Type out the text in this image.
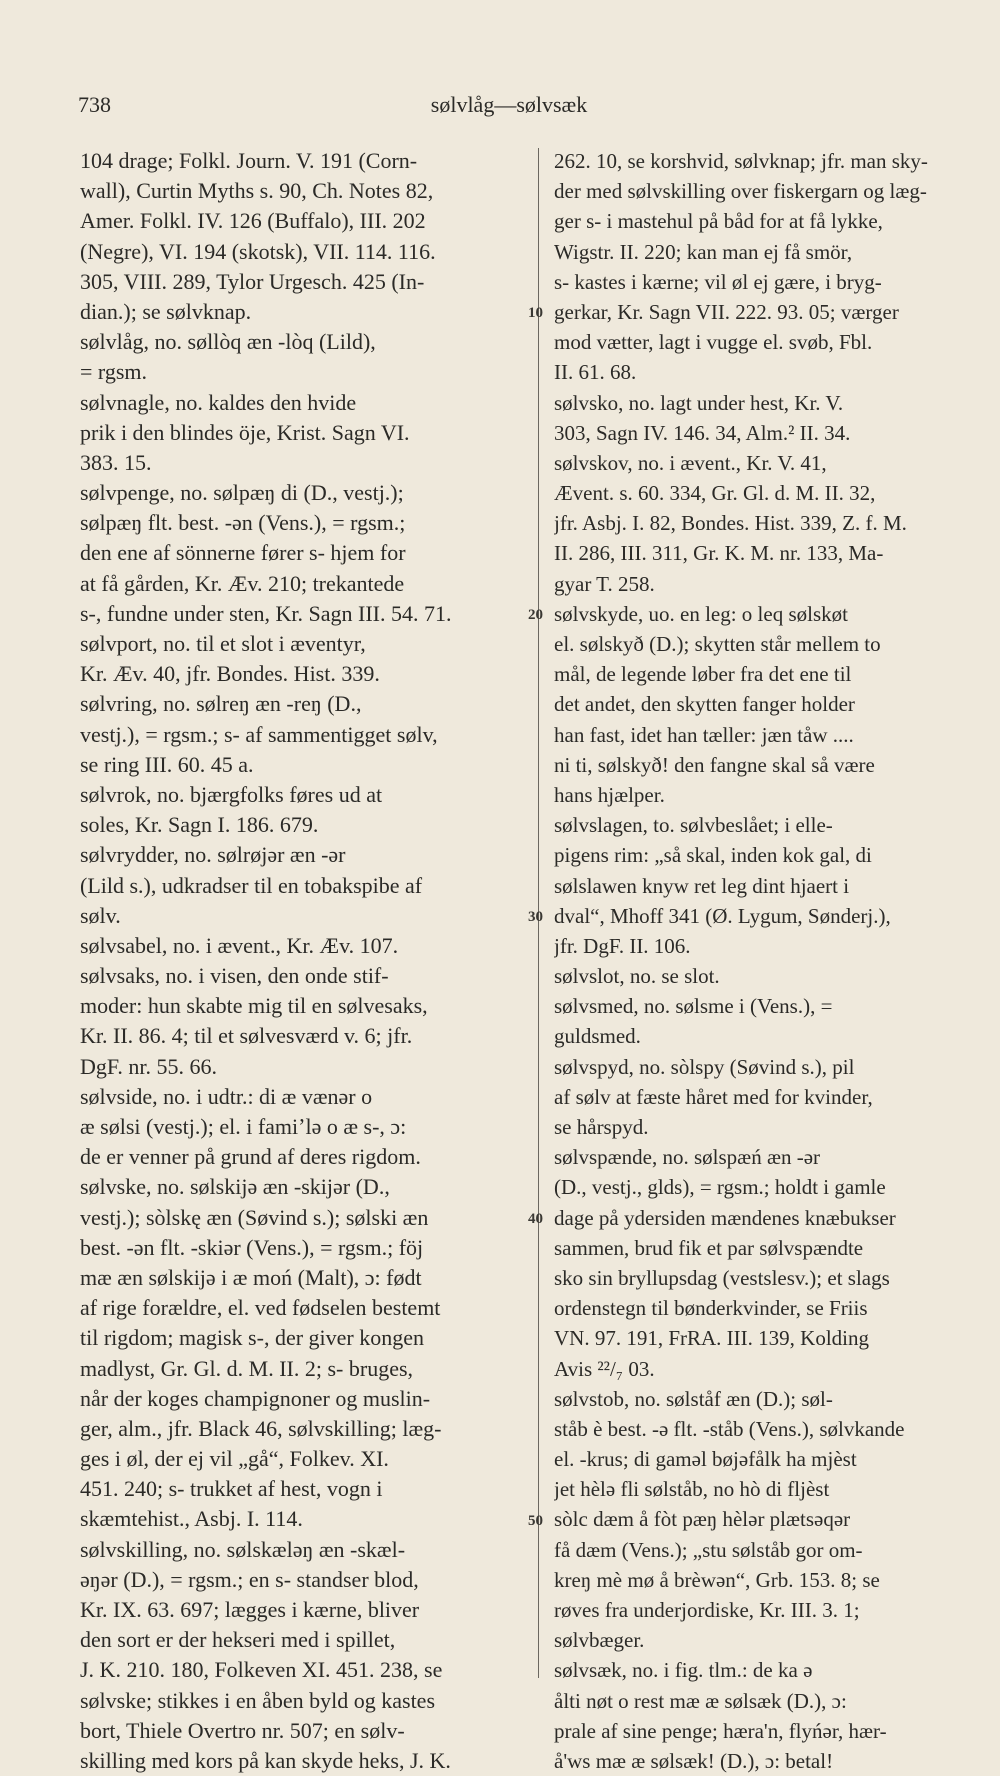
738	sølvlåg—sølvsæk
10
20
30
40
50
104 drage; Folkl. Journ. V. 191 (Corn-
wall), Curtin Myths s. 90, Ch. Notes 82,
Amer. Folkl. IV. 126 (Buffalo), III. 202
(Negre), VI. 194 (skotsk), VII. 114. 116.
305, VIII. 289, Tylor Urgesch. 425 (In-
dian.); se sølvknap.
sølvlåg, no. søllòq æn -lòq (Lild),
= rgsm.
sølvnagle, no. kaldes den hvide
prik i den blindes öje, Krist. Sagn VI.
383. 15.
sølvpenge, no. sølpæŋ di (D., vestj.);
sølpæŋ flt. best. -ən (Vens.), = rgsm.;
den ene af sönnerne fører s- hjem for
at få gården, Kr. Æv. 210; trekantede
s-, fundne under sten, Kr. Sagn III. 54. 71.
sølvport, no. til et slot i æventyr,
Kr. Æv. 40, jfr. Bondes. Hist. 339.
sølvring, no. sølreŋ æn -reŋ (D.,
vestj.), = rgsm.; s- af sammentigget sølv,
se ring III. 60. 45 a.
sølvrok, no. bjærgfolks føres ud at
soles, Kr. Sagn I. 186. 679.
sølvrydder, no. sølrøjər æn -ər
(Lild s.), udkradser til en tobakspibe af
sølv.
sølvsabel, no. i ævent., Kr. Æv. 107.
sølvsaks, no. i visen, den onde stif-
moder: hun skabte mig til en sølvesaks,
Kr. II. 86. 4; til et sølvesværd v. 6; jfr.
DgF. nr. 55. 66.
sølvside, no. i udtr.: di æ vænər o
æ sølsi (vestj.); el. i famiʼlə o æ s-, ɔ:
de er venner på grund af deres rigdom.
sølvske, no. sølskijə æn -skijər (D.,
vestj.); sòlskę æn (Søvind s.); sølski æn
best. -ən flt. -skiər (Vens.), = rgsm.; föj
mæ æn sølskijə i æ moń (Malt), ɔ: født
af rige forældre, el. ved fødselen bestemt
til rigdom; magisk s-, der giver kongen
madlyst, Gr. Gl. d. M. II. 2; s- bruges,
når der koges champignoner og muslin-
ger, alm., jfr. Black 46, sølvskilling; læg-
ges i øl, der ej vil „gå“, Folkev. XI.
451. 240; s- trukket af hest, vogn i
skæmtehist., Asbj. I. 114.
sølvskilling, no. sølskæləŋ æn -skæl-
əŋər (D.), = rgsm.; en s- standser blod,
Kr. IX. 63. 697; lægges i kærne, bliver
den sort er der hekseri med i spillet,
J. K. 210. 180, Folkeven XI. 451. 238, se
sølvske; stikkes i en åben byld og kastes
bort, Thiele Overtro nr. 507; en sølv-
skilling med kors på kan skyde heks, J. K.
262. 10, se korshvid, sølvknap; jfr. man sky-
der med sølvskilling over fiskergarn og læg-
ger s- i mastehul på båd for at få lykke,
Wigstr. II. 220; kan man ej få smör,
s- kastes i kærne; vil øl ej gære, i bryg-
gerkar, Kr. Sagn VII. 222. 93. 05; værger
mod vætter, lagt i vugge el. svøb, Fbl.
II. 61. 68.
sølvsko, no. lagt under hest, Kr. V.
303, Sagn IV. 146. 34, Alm.² II. 34.
sølvskov, no. i ævent., Kr. V. 41,
Ævent. s. 60. 334, Gr. Gl. d. M. II. 32,
jfr. Asbj. I. 82, Bondes. Hist. 339, Z. f. M.
II. 286, III. 311, Gr. K. M. nr. 133, Ma-
gyar T. 258.
sølvskyde, uo. en leg: o leq sølskøt
el. sølskyð (D.); skytten står mellem to
mål, de legende løber fra det ene til
det andet, den skytten fanger holder
han fast, idet han tæller: jæn tåw ....
ni ti, sølskyð! den fangne skal så være
hans hjælper.
sølvslagen, to. sølvbeslået; i elle-
pigens rim: „så skal, inden kok gal, di
sølslawen knyw ret leg dint hjaert i
dval“, Mhoff 341 (Ø. Lygum, Sønderj.),
jfr. DgF. II. 106.
sølvslot, no. se slot.
sølvsmed, no. sølsme i (Vens.), =
guldsmed.
sølvspyd, no. sòlspy (Søvind s.), pil
af sølv at fæste håret med for kvinder,
se hårspyd.
sølvspænde, no. sølspæń æn -ər
(D., vestj., glds), = rgsm.; holdt i gamle
dage på ydersiden mændenes knæbukser
sammen, brud fik et par sølvspændte
sko sin bryllupsdag (vestslesv.); et slags
ordenstegn til bønderkvinder, se Friis
VN. 97. 191, FrRA. III. 139, Kolding
Avis ²²/₇ 03.
sølvstob, no. sølståf æn (D.); søl-
ståb è best. -ə flt. -ståb (Vens.), sølvkande
el. -krus; di gaməl bøjəfålk ha mjèst
jet hèlə fli sølståb, no hò di fljèst
sòlc dæm å fòt pæŋ hèlər plætsəqər
få dæm (Vens.); „stu sølståb gor om-
kreŋ mè mø å brèwən“, Grb. 153. 8; se
røves fra underjordiske, Kr. III. 3. 1;
sølvbæger.
sølvsæk, no. i fig. tlm.: de ka ə
ålti nøt o rest mæ æ sølsæk (D.), ɔ:
prale af sine penge; hæra'n, flyńər, hær-
å'ws mæ æ sølsæk! (D.), ɔ: betal!
